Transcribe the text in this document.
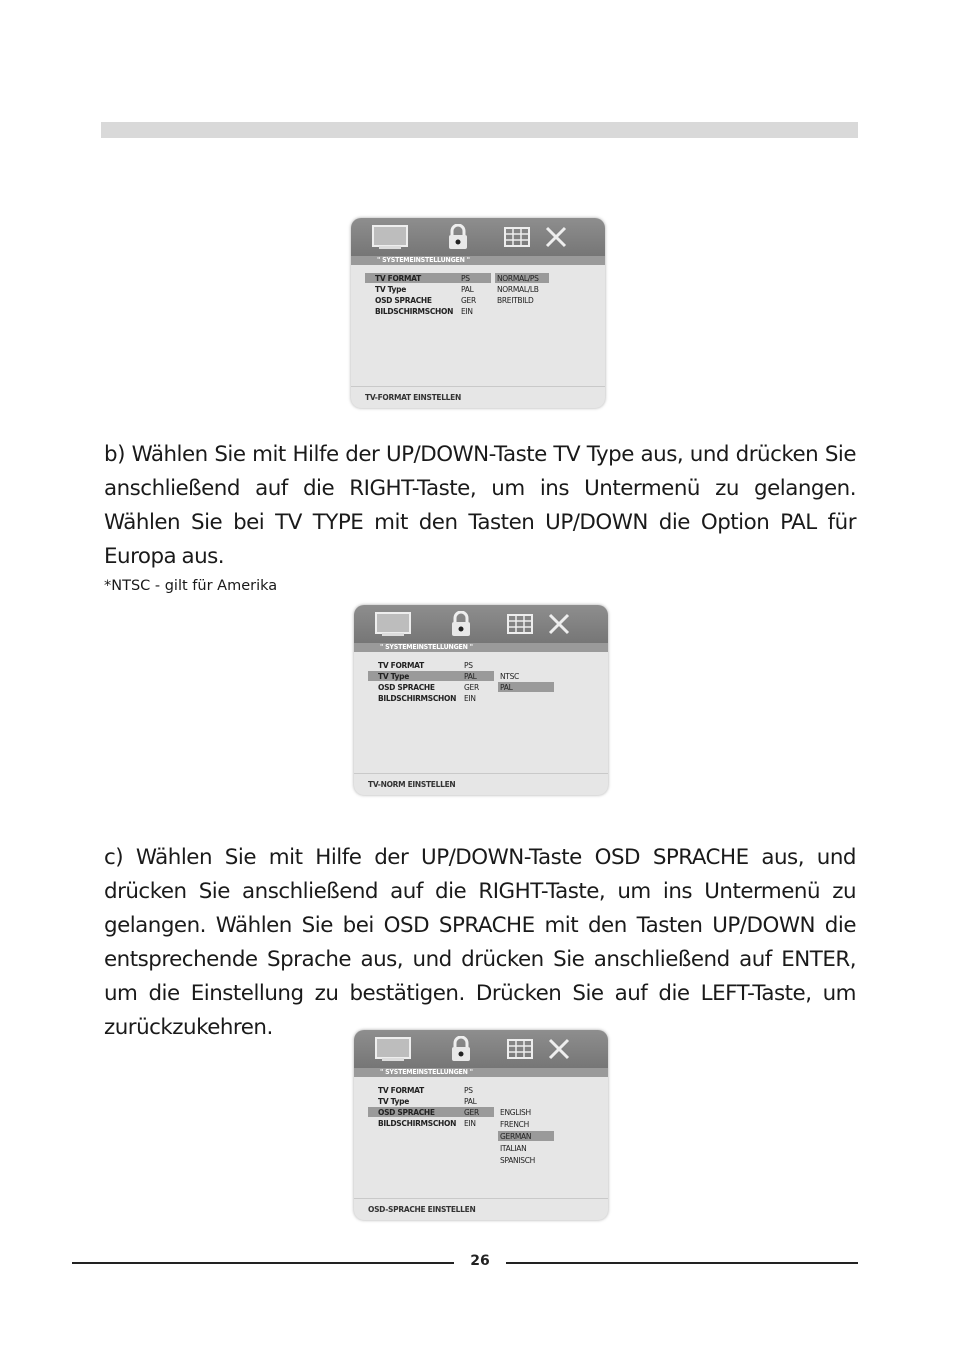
" SYSTEMEINSTELLUNGEN "
TV FORMAT	PS
TV Type	PAL
OSD SPRACHE	GER
BILDSCHIRMSCHON EIN
NORMAL/PS
NORMAL/LB
BREITBILD
TV-FORMAT EINSTELLEN
b) Wählen Sie mit Hilfe der UP/DOWN-Taste TV Type aus, und drücken Sie anschließend auf die RIGHT-Taste, um ins Untermenü zu gelangen. Wählen Sie bei TV TYPE mit den Tasten UP/DOWN die Option PAL für Europa aus.
*NTSC - gilt für Amerika
" SYSTEMEINSTELLUNGEN "
TV FORMAT	PS
TV Type	PAL
OSD SPRACHE	GER
BILDSCHIRMSCHON EIN
NTSC
PAL
TV-NORM EINSTELLEN
c) Wählen Sie mit Hilfe der UP/DOWN-Taste OSD SPRACHE aus, und drücken Sie anschließend auf die RIGHT-Taste, um ins Untermenü zu gelangen. Wählen Sie bei OSD SPRACHE mit den Tasten UP/DOWN die entsprechende Sprache aus, und drücken Sie anschließend auf ENTER, um die Einstellung zu bestätigen. Drücken Sie auf die LEFT-Taste, um zurückzukehren.
" SYSTEMEINSTELLUNGEN "
TV FORMAT	PS
TV Type	PAL
OSD SPRACHE	GER
BILDSCHIRMSCHON EIN
ENGLISH
FRENCH
GERMAN
ITALIAN
SPANISCH
OSD-SPRACHE EINSTELLEN
26
